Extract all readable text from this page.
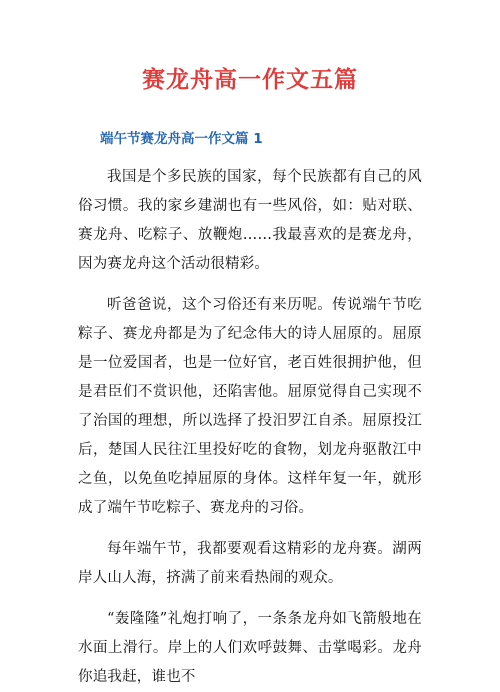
赛龙舟高一作文五篇
端午节赛龙舟高一作文篇 1

我国是个多民族的国家，每个民族都有自己的风俗习惯。我的家乡建湖也有一些风俗，如：贴对联、赛龙舟、吃粽子、放鞭炮……我最喜欢的是赛龙舟，因为赛龙舟这个活动很精彩。

听爸爸说，这个习俗还有来历呢。传说端午节吃粽子、赛龙舟都是为了纪念伟大的诗人屈原的。屈原是一位爱国者，也是一位好官，老百姓很拥护他，但是君臣们不赏识他，还陷害他。屈原觉得自己实现不了治国的理想，所以选择了投汨罗江自杀。屈原投江后，楚国人民往江里投好吃的食物，划龙舟驱散江中之鱼，以免鱼吃掉屈原的身体。这样年复一年，就形成了端午节吃粽子、赛龙舟的习俗。

每年端午节，我都要观看这精彩的龙舟赛。湖两岸人山人海，挤满了前来看热闹的观众。

“轰隆隆”礼炮打响了，一条条龙舟如飞箭般地在水面上滑行。岸上的人们欢呼鼓舞、击掌喝彩。龙舟你追我赶，谁也不
